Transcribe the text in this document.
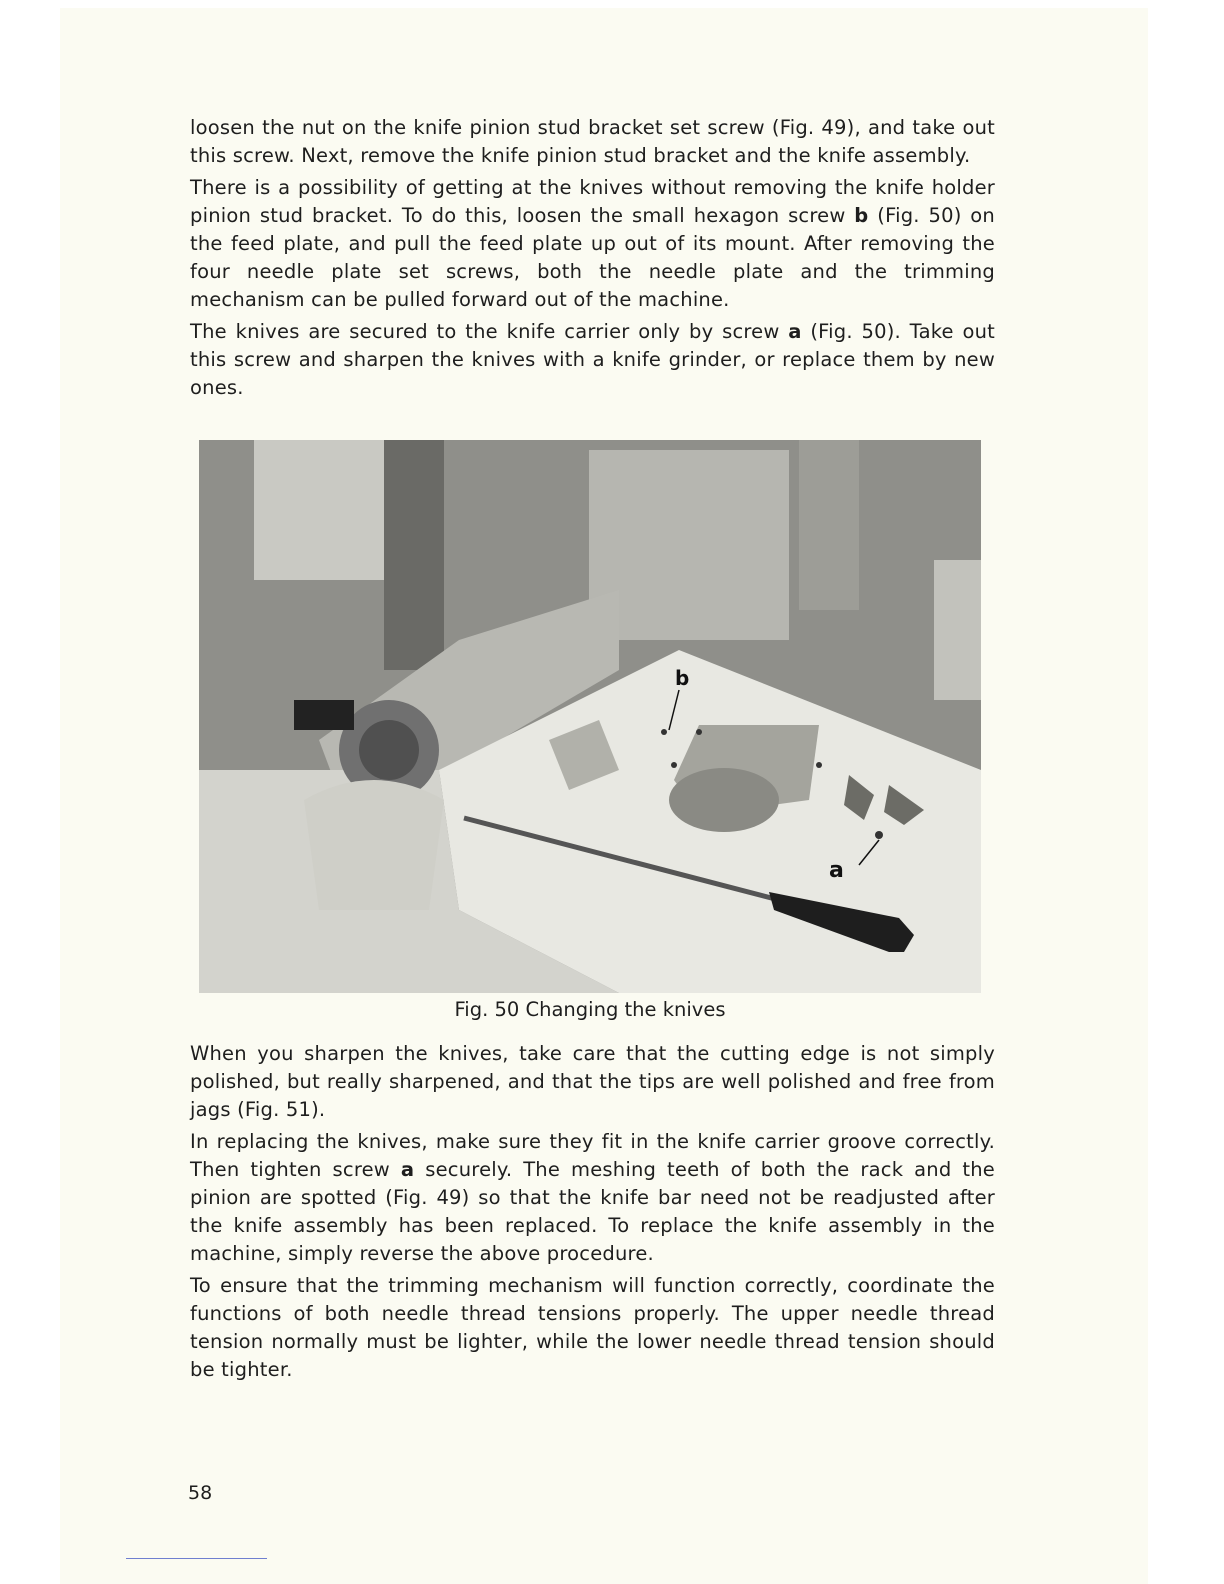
loosen the nut on the knife pinion stud bracket set screw (Fig. 49), and take out this screw. Next, remove the knife pinion stud bracket and the knife assembly.

There is a possibility of getting at the knives without removing the knife holder pinion stud bracket. To do this, loosen the small hexagon screw b (Fig. 50) on the feed plate, and pull the feed plate up out of its mount. After removing the four needle plate set screws, both the needle plate and the trimming mechanism can be pulled forward out of the machine.

The knives are secured to the knife carrier only by screw a (Fig. 50). Take out this screw and sharpen the knives with a knife grinder, or replace them by new ones.

b
a
Fig. 50 Changing the knives

When you sharpen the knives, take care that the cutting edge is not simply polished, but really sharpened, and that the tips are well polished and free from jags (Fig. 51).

In replacing the knives, make sure they fit in the knife carrier groove correctly. Then tighten screw a securely. The meshing teeth of both the rack and the pinion are spotted (Fig. 49) so that the knife bar need not be readjusted after the knife assembly has been replaced. To replace the knife assembly in the machine, simply reverse the above procedure.

To ensure that the trimming mechanism will function correctly, coordinate the functions of both needle thread tensions properly. The upper needle thread tension normally must be lighter, while the lower needle thread tension should be tighter.

58
